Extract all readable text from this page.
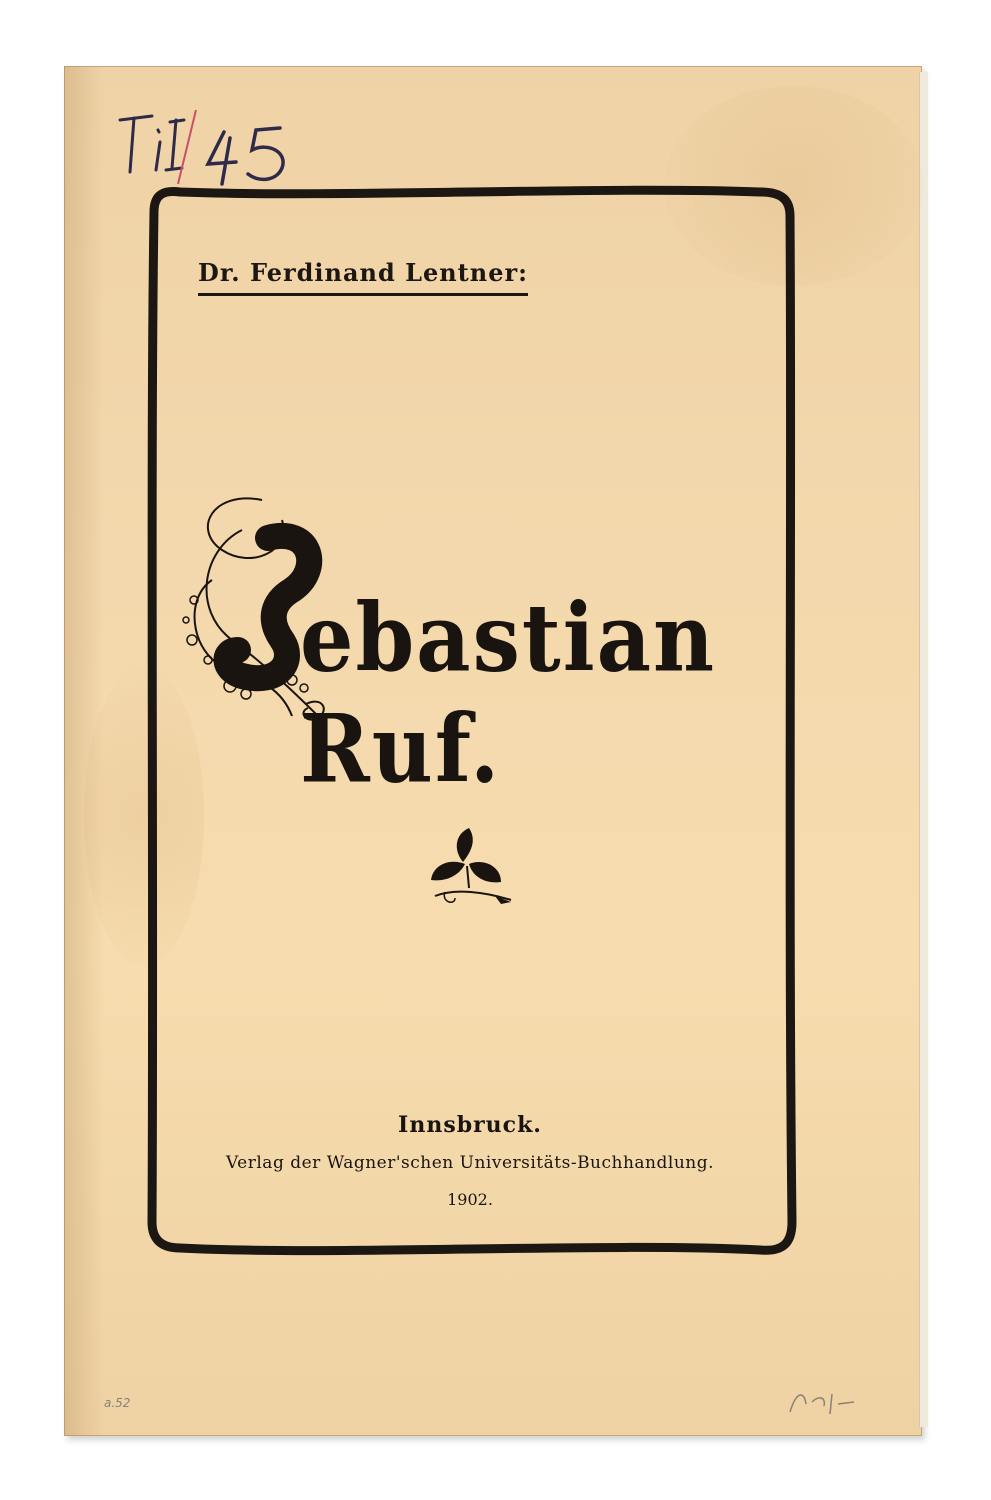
Dr. Ferdinand Lentner:
ebastian Ruf.
Innsbruck.
Verlag der Wagner'schen Universitäts-Buchhandlung.
1902.
a.52
